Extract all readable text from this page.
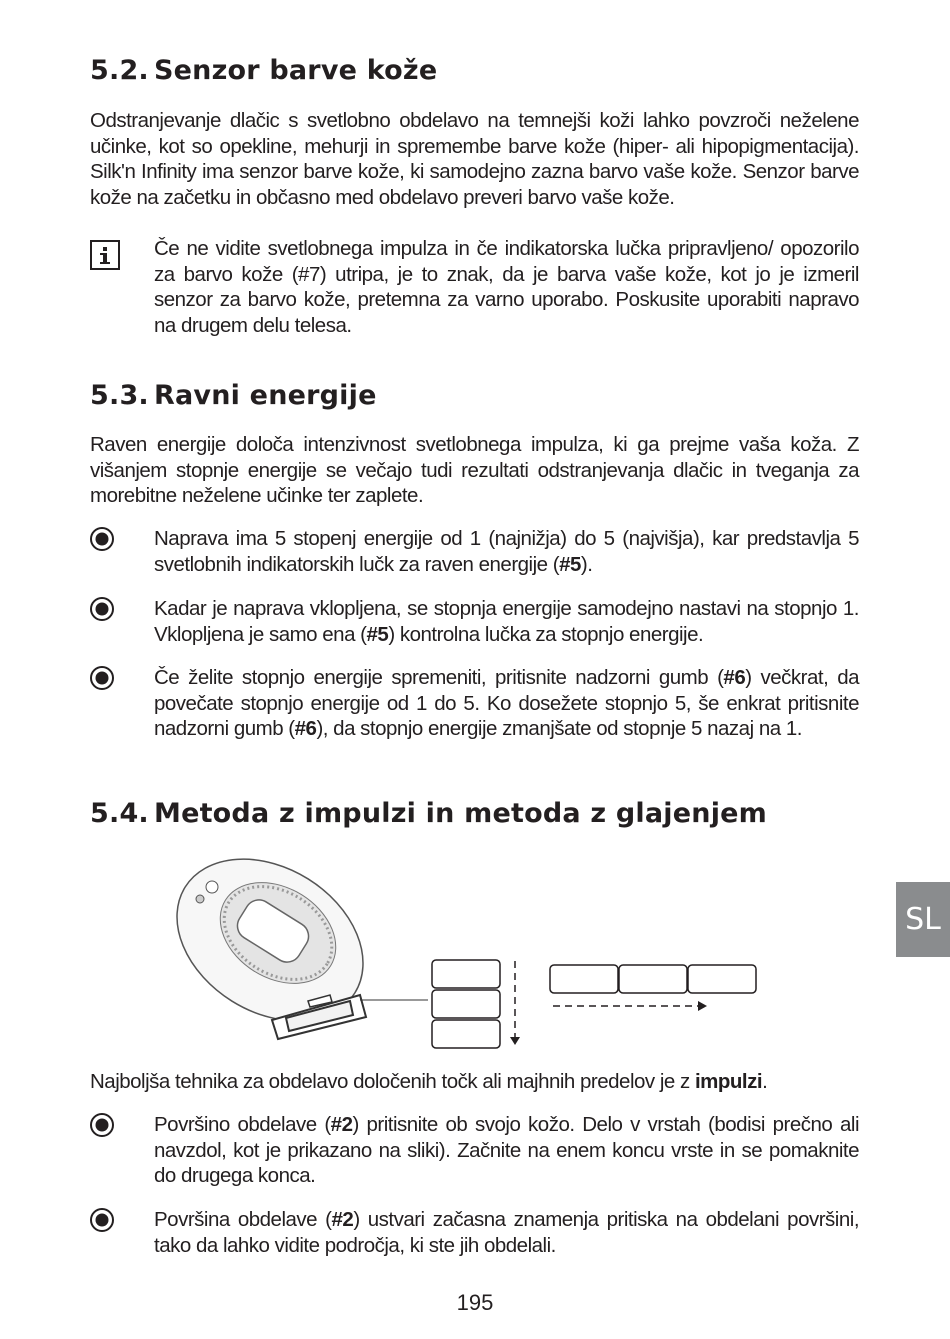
5.2. Senzor barve kože

Odstranjevanje dlačic s svetlobno obdelavo na temnejši koži lahko povzroči neželene učinke, kot so opekline, mehurji in spremembe barve kože (hiper- ali hipopigmentacija). Silk'n Infinity ima senzor barve kože, ki samodejno zazna barvo vaše kože. Senzor barve kože na začetku in občasno med obdelavo preveri barvo vaše kože.

Če ne vidite svetlobnega impulza in če indikatorska lučka pripravljeno/ opozorilo za barvo kože (#7) utripa, je to znak, da je barva vaše kože, kot jo je izmeril senzor za barvo kože, pretemna za varno uporabo. Poskusite uporabiti napravo na drugem delu telesa.
5.3. Ravni energije

Raven energije določa intenzivnost svetlobnega impulza, ki ga prejme vaša koža. Z višanjem stopnje energije se večajo tudi rezultati odstranjevanja dlačic in tveganja za morebitne neželene učinke ter zaplete.

Naprava ima 5 stopenj energije od 1 (najnižja) do 5 (najvišja), kar predstavlja 5 svetlobnih indikatorskih lučk za raven energije (#5).
Kadar je naprava vklopljena, se stopnja energije samodejno nastavi na stopnjo 1. Vklopljena je samo ena (#5) kontrolna lučka za stopnjo energije.
Če želite stopnjo energije spremeniti, pritisnite nadzorni gumb (#6) večkrat, da povečate stopnjo energije od 1 do 5. Ko dosežete stopnjo 5, še enkrat pritisnite nadzorni gumb (#6), da stopnjo energije zmanjšate od stopnje 5 nazaj na 1.
5.4. Metoda z impulzi in metoda z glajenjem

Najboljša tehnika za obdelavo določenih točk ali majhnih predelov je z impulzi.

Površino obdelave (#2) pritisnite ob svojo kožo. Delo v vrstah (bodisi prečno ali navzdol, kot je prikazano na sliki). Začnite na enem koncu vrste in se pomaknite do drugega konca.
Površina obdelave (#2) ustvari začasna znamenja pritiska na obdelani površini, tako da lahko vidite področja, ki ste jih obdelali.
SL
195
